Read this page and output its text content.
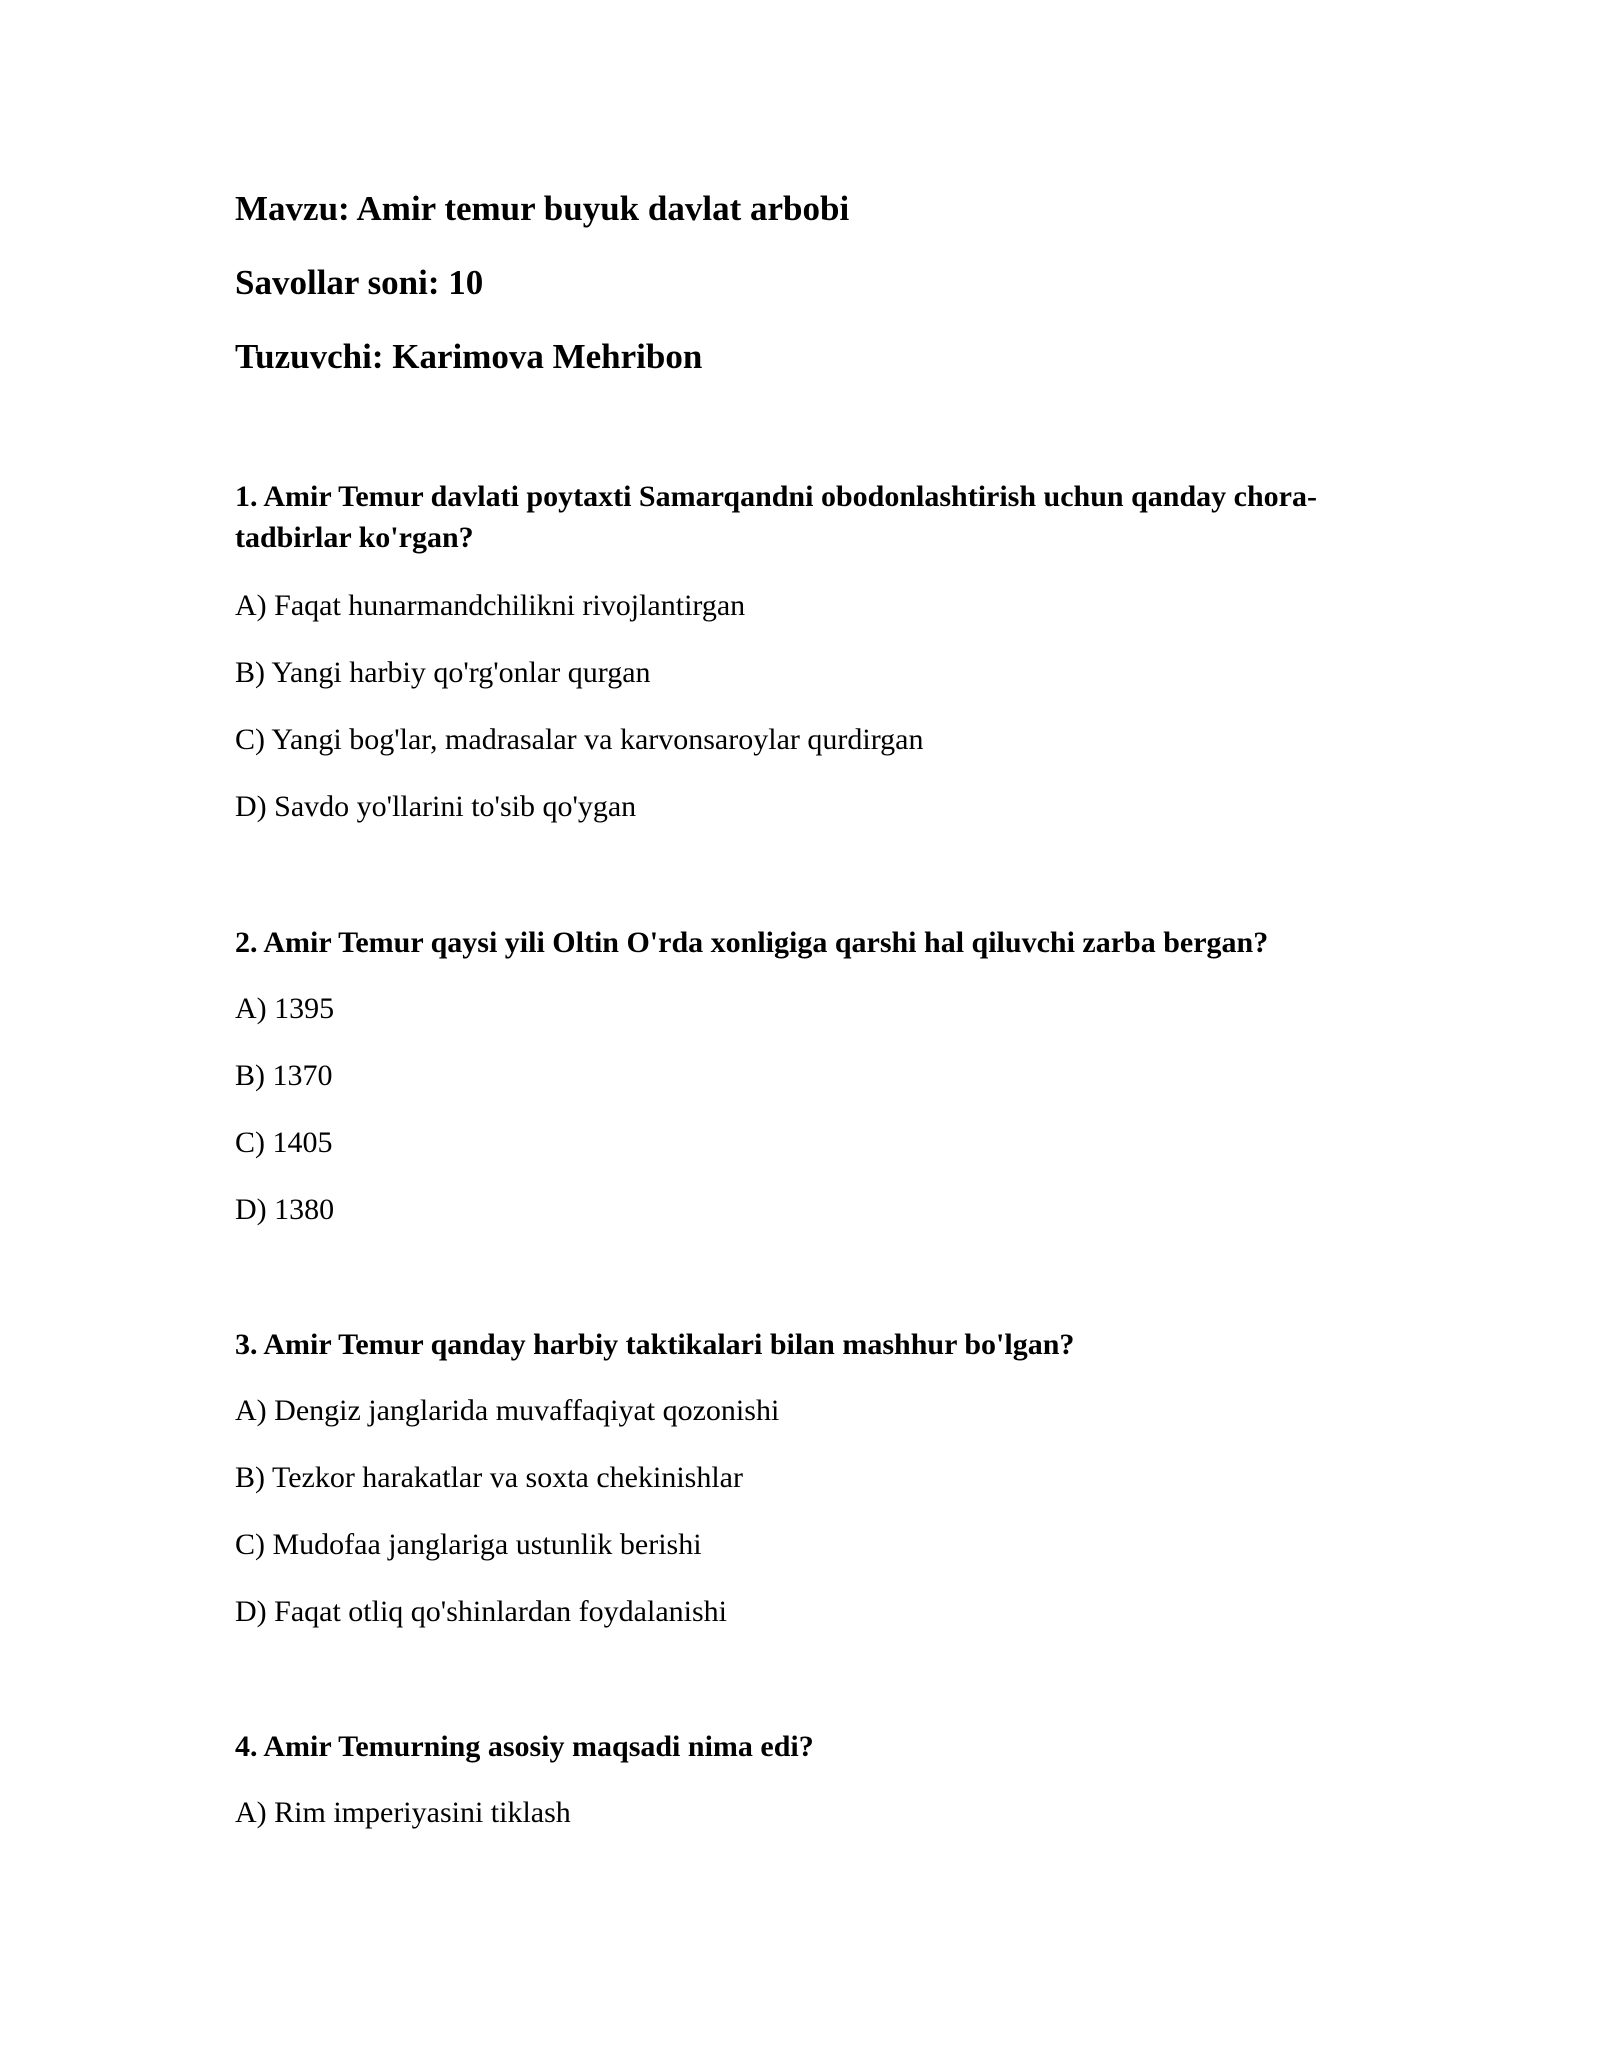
Mavzu: Amir temur buyuk davlat arbobi
Savollar soni: 10
Tuzuvchi: Karimova Mehribon
1. Amir Temur davlati poytaxti Samarqandni obodonlashtirish uchun qanday chora-tadbirlar ko'rgan?
A) Faqat hunarmandchilikni rivojlantirgan
B) Yangi harbiy qo'rg'onlar qurgan
C) Yangi bog'lar, madrasalar va karvonsaroylar qurdirgan
D) Savdo yo'llarini to'sib qo'ygan
2. Amir Temur qaysi yili Oltin O'rda xonligiga qarshi hal qiluvchi zarba bergan?
A) 1395
B) 1370
C) 1405
D) 1380
3. Amir Temur qanday harbiy taktikalari bilan mashhur bo'lgan?
A) Dengiz janglarida muvaffaqiyat qozonishi
B) Tezkor harakatlar va soxta chekinishlar
C) Mudofaa janglariga ustunlik berishi
D) Faqat otliq qo'shinlardan foydalanishi
4. Amir Temurning asosiy maqsadi nima edi?
A) Rim imperiyasini tiklash
